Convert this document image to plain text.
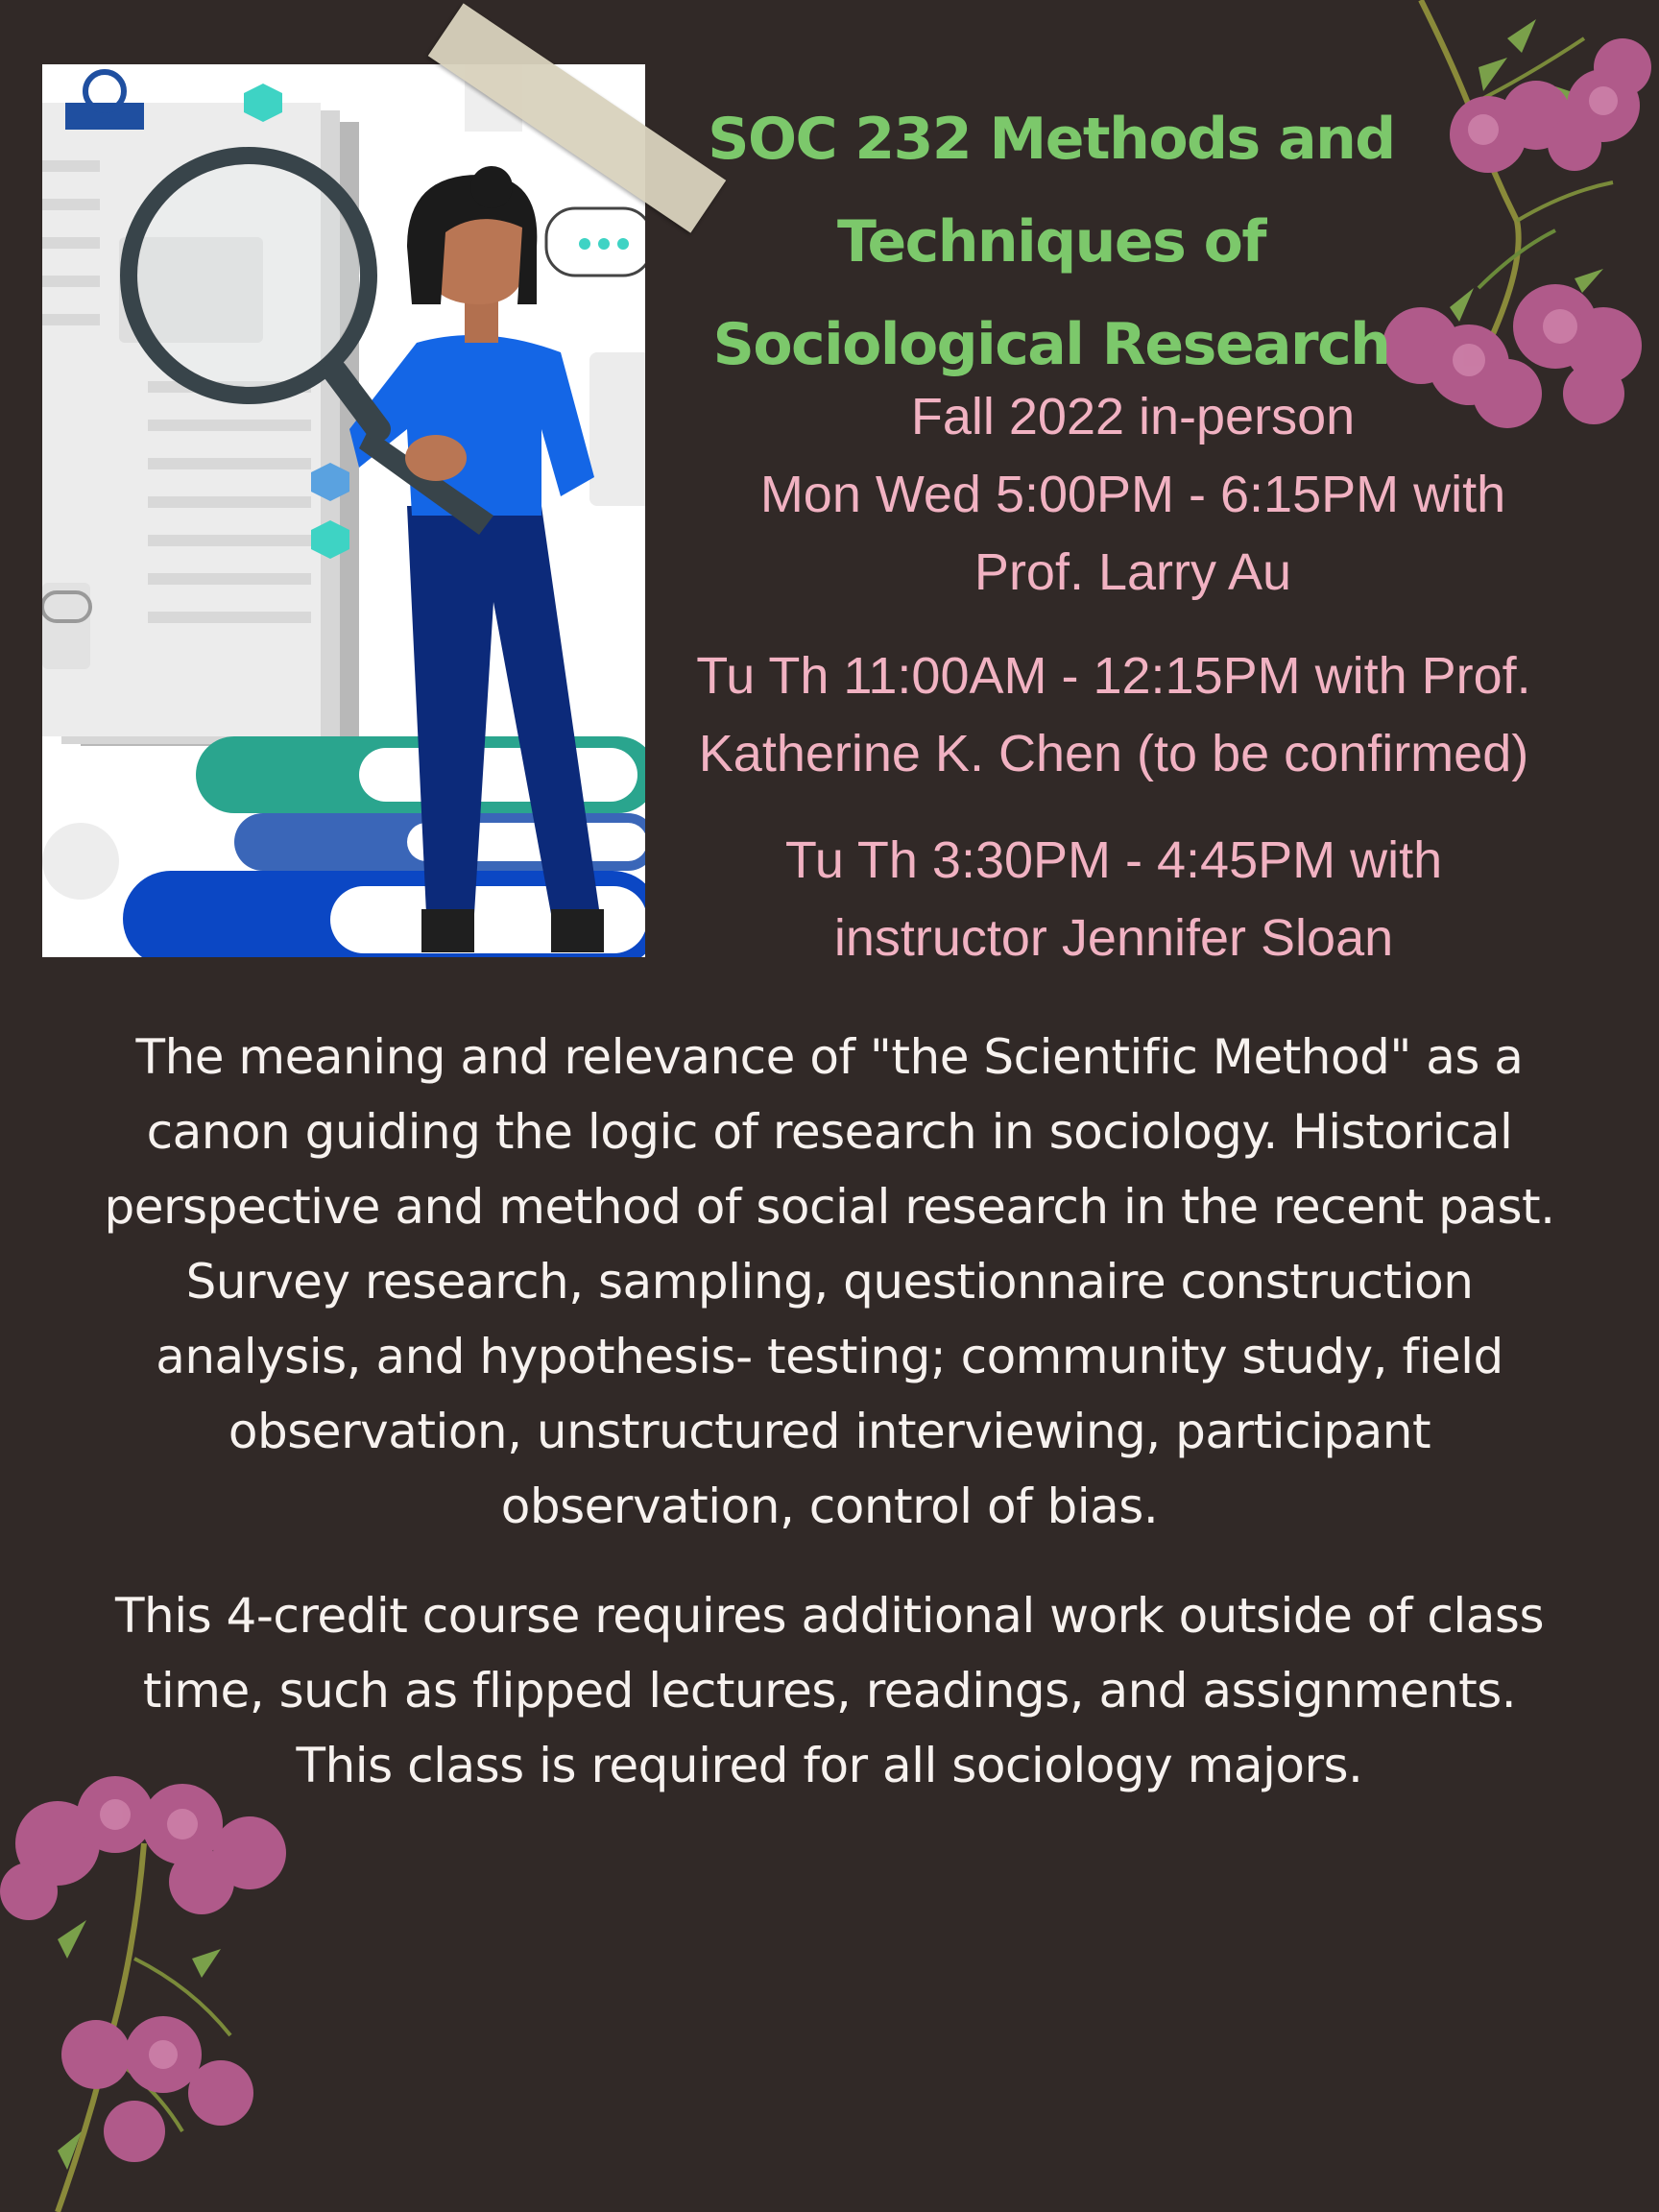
SOC 232 Methods and
Techniques of
Sociological Research
Fall 2022 in-person
Mon Wed 5:00PM - 6:15PM with
Prof. Larry Au
Tu Th 11:00AM - 12:15PM with Prof.
Katherine K. Chen (to be confirmed)
Tu Th 3:30PM - 4:45PM with
instructor Jennifer Sloan
The meaning and relevance of "the Scientific Method" as a
canon guiding the logic of research in sociology. Historical
perspective and method of social research in the recent past.
Survey research, sampling, questionnaire construction
analysis, and hypothesis- testing; community study, field
observation, unstructured interviewing, participant
observation, control of bias.
This 4-credit course requires additional work outside of class
time, such as flipped lectures, readings, and assignments.
This class is required for all sociology majors.
